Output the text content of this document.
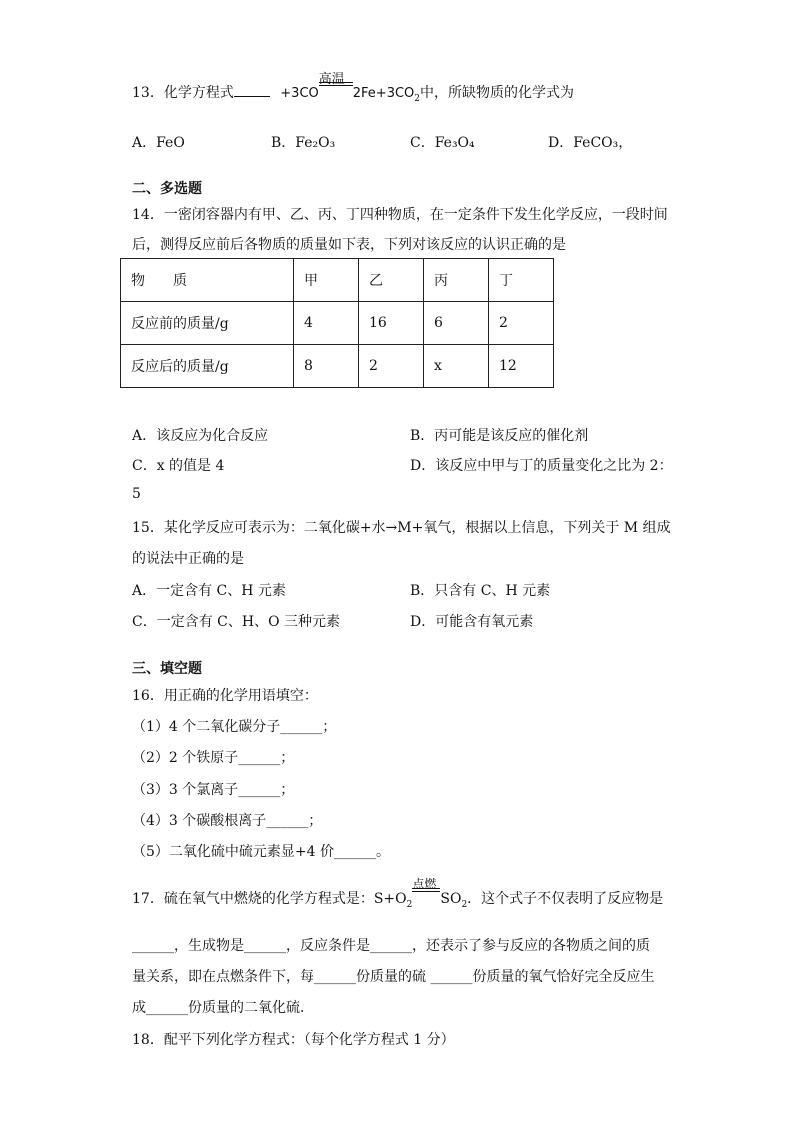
13．化学方程式	+3CO
高温
$2Fe+3CO_2$中，所缺物质的化学式为
A．FeO	B．Fe₂O₃	C．Fe₃O₄	D．FeCO₃，
二、多选题
14．一密闭容器内有甲、乙、丙、丁四种物质，在一定条件下发生化学反应，一段时间
后，测得反应前后各物质的质量如下表，下列对该反应的认识正确的是
物　　质	甲	乙	丙	丁
反应前的质量/g	4	16	6	2
反应后的质量/g	8	2	x	12
A．该反应为化合反应	B．丙可能是该反应的催化剂
C．x 的值是 4	D．该反应中甲与丁的质量变化之比为 2：
5
15．某化学反应可表示为：二氧化碳+水→M+氧气，根据以上信息，下列关于 M 组成
的说法中正确的是
A．一定含有 C、H 元素	B．只含有 C、H 元素
C．一定含有 C、H、O 三种元素	D．可能含有氧元素
三、填空题
16．用正确的化学用语填空：
（1）4 个二氧化碳分子______；
（2）2 个铁原子______；
（3）3 个氯离子______；
（4）3 个碳酸根离子______；
（5）二氧化硫中硫元素显+4 价______。
17．硫在氧气中燃烧的化学方程式是：$S+O_2$
点燃
$SO_2$．这个式子不仅表明了反应物是
______，生成物是______，反应条件是______，还表示了参与反应的各物质之间的质
量关系，即在点燃条件下，每______份质量的硫 ______份质量的氧气恰好完全反应生
成______份质量的二氧化硫．
18．配平下列化学方程式：（每个化学方程式 1 分）
